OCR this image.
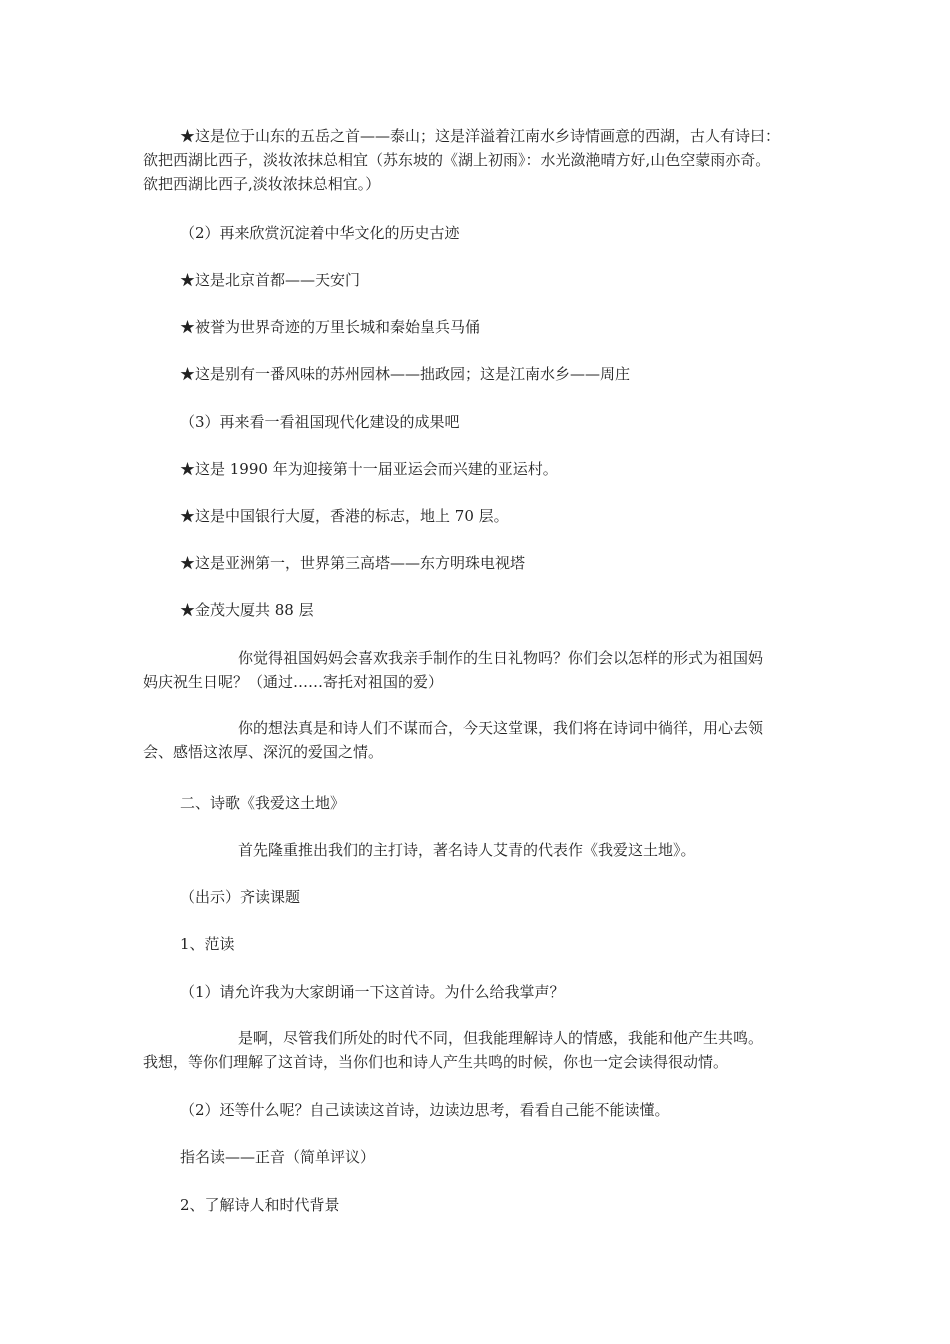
★这是位于山东的五岳之首——泰山；这是洋溢着江南水乡诗情画意的西湖，古人有诗曰：
欲把西湖比西子，淡妆浓抹总相宜（苏东坡的《湖上初雨》：水光潋滟晴方好,山色空蒙雨亦奇。
欲把西湖比西子,淡妆浓抹总相宜。）
（2）再来欣赏沉淀着中华文化的历史古迹
★这是北京首都——天安门
★被誉为世界奇迹的万里长城和秦始皇兵马俑
★这是别有一番风味的苏州园林——拙政园；这是江南水乡——周庄
（3）再来看一看祖国现代化建设的成果吧
★这是 1990 年为迎接第十一届亚运会而兴建的亚运村。
★这是中国银行大厦，香港的标志，地上 70 层。
★这是亚洲第一，世界第三高塔——东方明珠电视塔
★金茂大厦共 88 层
你觉得祖国妈妈会喜欢我亲手制作的生日礼物吗？你们会以怎样的形式为祖国妈
妈庆祝生日呢？（通过……寄托对祖国的爱）
你的想法真是和诗人们不谋而合，今天这堂课，我们将在诗词中徜徉，用心去领
会、感悟这浓厚、深沉的爱国之情。
二、诗歌《我爱这土地》
首先隆重推出我们的主打诗，著名诗人艾青的代表作《我爱这土地》。
（出示）齐读课题
1、范读
（1）请允许我为大家朗诵一下这首诗。为什么给我掌声？
是啊，尽管我们所处的时代不同，但我能理解诗人的情感，我能和他产生共鸣。
我想，等你们理解了这首诗，当你们也和诗人产生共鸣的时候，你也一定会读得很动情。
（2）还等什么呢？自己读读这首诗，边读边思考，看看自己能不能读懂。
指名读——正音（简单评议）
2、了解诗人和时代背景
